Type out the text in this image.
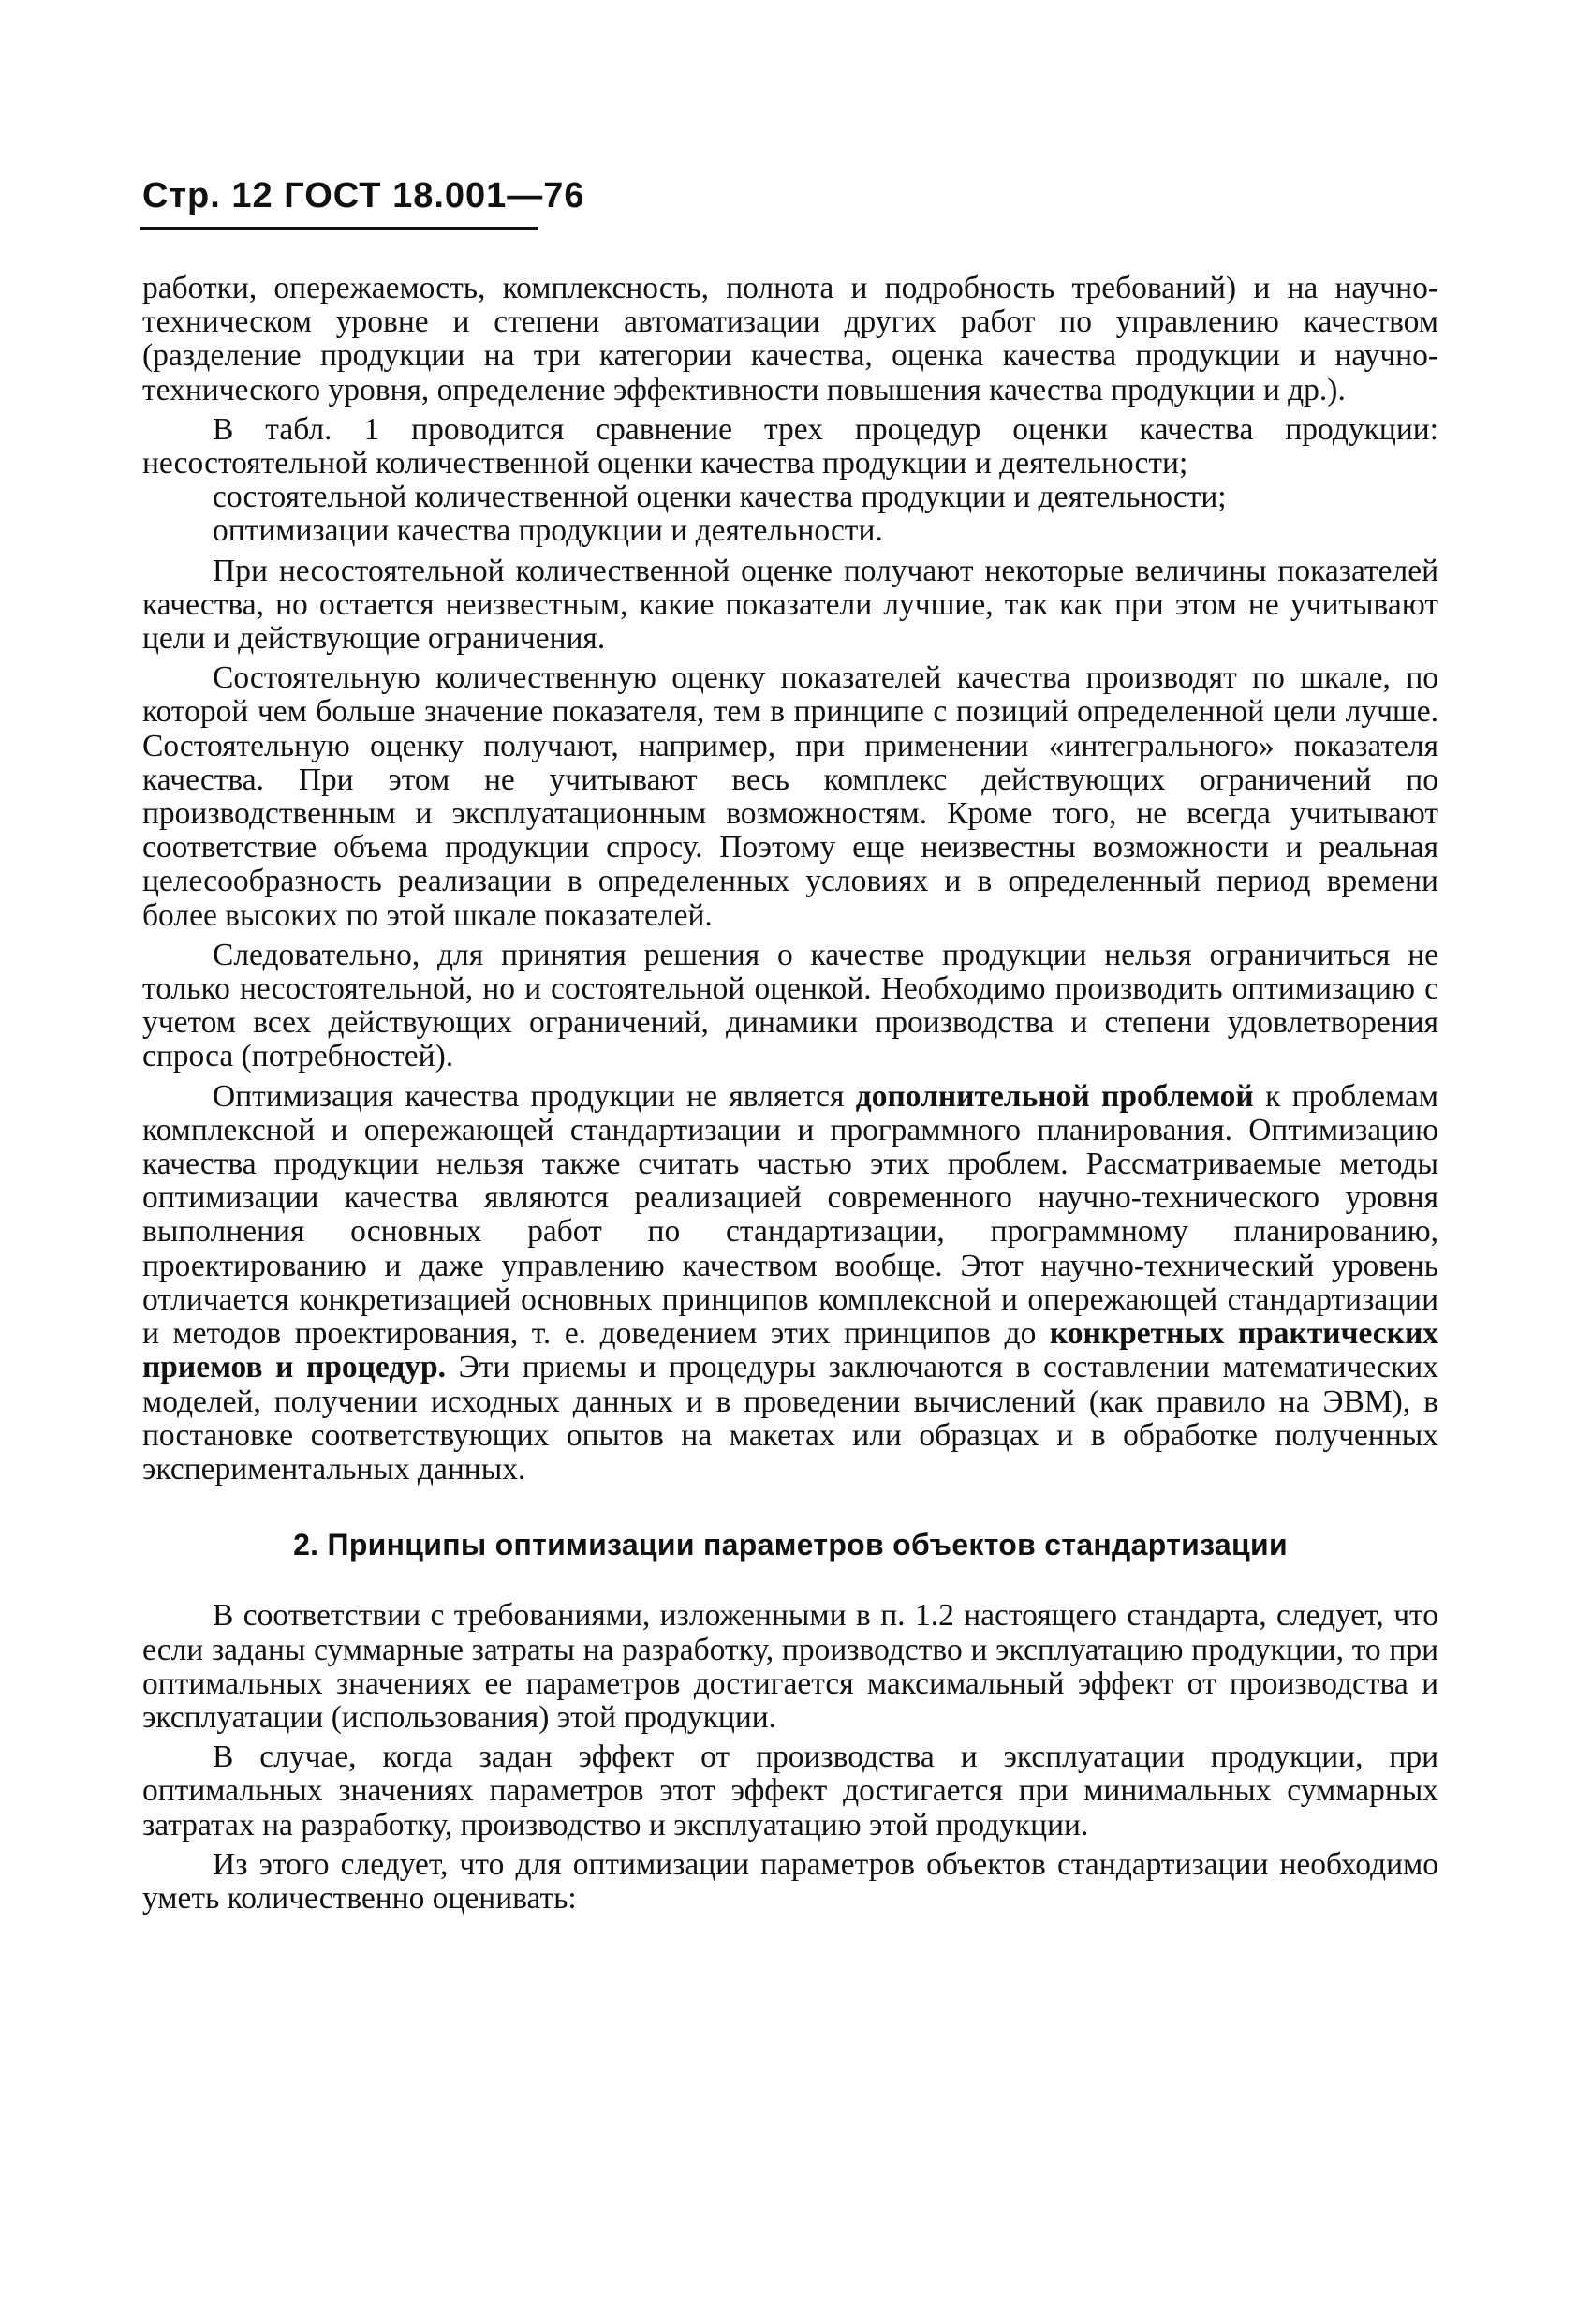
Стр. 12 ГОСТ 18.001—76

работки, опережаемость, комплексность, полнота и подробность требований) и на научно-техническом уровне и степени автоматизации других работ по управлению качеством (разделение продукции на три категории качества, оценка качества продукции и научно-технического уровня, определение эффективности повышения качества продукции и др.).

В табл. 1 проводится сравнение трех процедур оценки качества продукции: несостоятельной количественной оценки качества продукции и деятельности;

состоятельной количественной оценки качества продукции и деятельности;

оптимизации качества продукции и деятельности.

При несостоятельной количественной оценке получают некоторые величины показателей качества, но остается неизвестным, какие показатели лучшие, так как при этом не учитывают цели и действующие ограничения.

Состоятельную количественную оценку показателей качества производят по шкале, по которой чем больше значение показателя, тем в принципе с позиций определенной цели лучше. Состоятельную оценку получают, например, при применении «интегрального» показателя качества. При этом не учитывают весь комплекс действующих ограничений по производственным и эксплуатационным возможностям. Кроме того, не всегда учитывают соответствие объема продукции спросу. Поэтому еще неизвестны возможности и реальная целесообразность реализации в определенных условиях и в определенный период времени более высоких по этой шкале показателей.

Следовательно, для принятия решения о качестве продукции нельзя ограничиться не только несостоятельной, но и состоятельной оценкой. Необходимо производить оптимизацию с учетом всех действующих ограничений, динамики производства и степени удовлетворения спроса (потребностей).

Оптимизация качества продукции не является дополнительной проблемой к проблемам комплексной и опережающей стандартизации и программного планирования. Оптимизацию качества продукции нельзя также считать частью этих проблем. Рассматриваемые методы оптимизации качества являются реализацией современного научно-технического уровня выполнения основных работ по стандартизации, программному планированию, проектированию и даже управлению качеством вообще. Этот научно-технический уровень отличается конкретизацией основных принципов комплексной и опережающей стандартизации и методов проектирования, т. е. доведением этих принципов до конкретных практических приемов и процедур. Эти приемы и процедуры заключаются в составлении математических моделей, получении исходных данных и в проведении вычислений (как правило на ЭВМ), в постановке соответствующих опытов на макетах или образцах и в обработке полученных экспериментальных данных.

2. Принципы оптимизации параметров объектов стандартизации

В соответствии с требованиями, изложенными в п. 1.2 настоящего стандарта, следует, что если заданы суммарные затраты на разработку, производство и эксплуатацию продукции, то при оптимальных значениях ее параметров достигается максимальный эффект от производства и эксплуатации (использования) этой продукции.

В случае, когда задан эффект от производства и эксплуатации продукции, при оптимальных значениях параметров этот эффект достигается при минимальных суммарных затратах на разработку, производство и эксплуатацию этой продукции.

Из этого следует, что для оптимизации параметров объектов стандартизации необходимо уметь количественно оценивать:
